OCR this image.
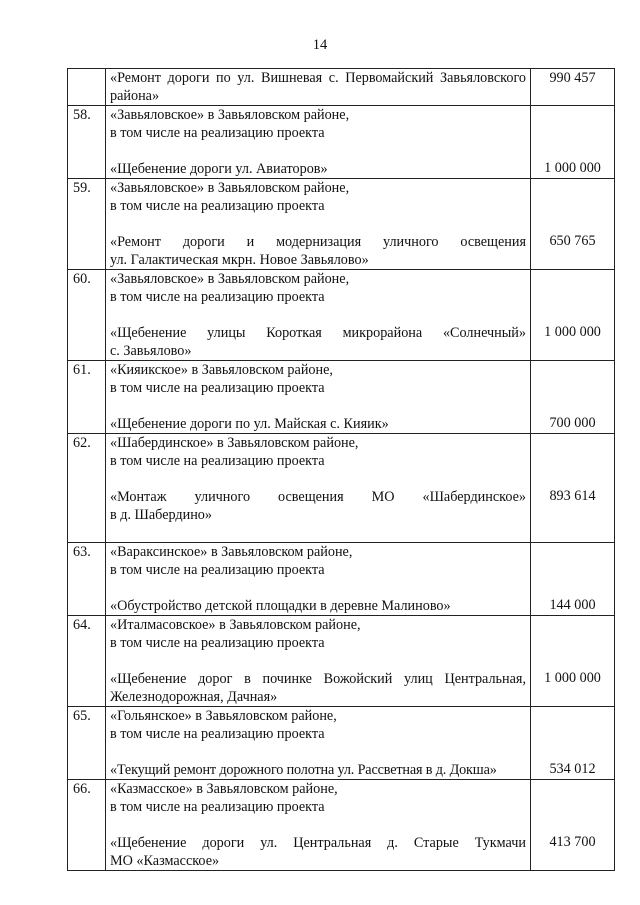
14

	«Ремонт дороги по ул. Вишневая с. Первомайский Завьяловского
района»	990 457
58.	«Завьяловское» в Завьяловском районе,
в том числе на реализацию проекта
«Щебенение дороги ул. Авиаторов»	1 000 000
59.	«Завьяловское» в Завьяловском районе,
в том числе на реализацию проекта
«Ремонт дороги и модернизация уличного освещения
ул. Галактическая мкрн. Новое Завьялово»	650 765
60.	«Завьяловское» в Завьяловском районе,
в том числе на реализацию проекта
«Щебенение улицы Короткая микрорайона «Солнечный»
с. Завьялово»	1 000 000
61.	«Кияикское» в Завьяловском районе,
в том числе на реализацию проекта
«Щебенение дороги по ул. Майская с. Кияик»	700 000
62.	«Шабердинское» в Завьяловском районе,
в том числе на реализацию проекта
«Монтаж уличного освещения МО «Шабердинское»
в д. Шабердино»	893 614
63.	«Вараксинское» в Завьяловском районе,
в том числе на реализацию проекта
«Обустройство детской площадки в деревне Малиново»	144 000
64.	«Италмасовское» в Завьяловском районе,
в том числе на реализацию проекта
«Щебенение дорог в починке Вожойский улиц Центральная,
Железнодорожная, Дачная»	1 000 000
65.	«Гольянское» в Завьяловском районе,
в том числе на реализацию проекта
«Текущий ремонт дорожного полотна ул. Рассветная в д. Докша»	534 012
66.	«Казмасское» в Завьяловском районе,
в том числе на реализацию проекта
«Щебенение дороги ул. Центральная д. Старые Тукмачи
МО «Казмасское»	413 700
